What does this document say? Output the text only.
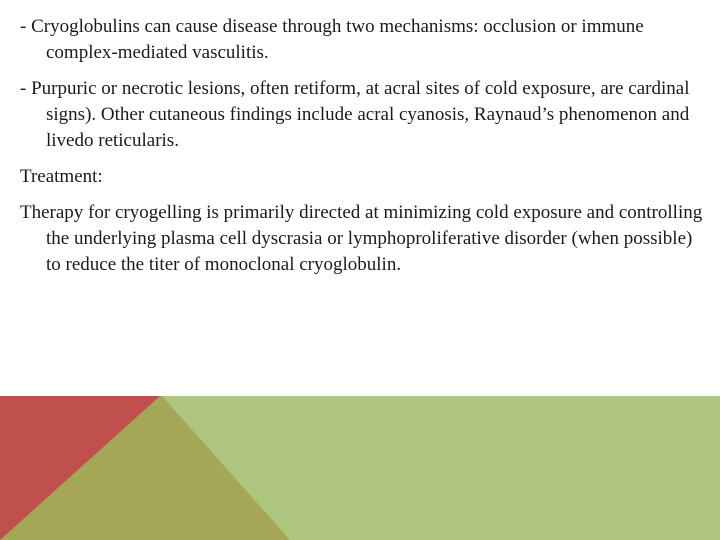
- Cryoglobulins can cause disease through two mechanisms: occlusion or immune complex-mediated vasculitis.

- Purpuric or necrotic lesions, often retiform, at acral sites of cold exposure, are cardinal signs). Other cutaneous findings include acral cyanosis, Raynaud’s phenomenon and livedo reticularis.

Treatment:

Therapy for cryogelling is primarily directed at minimizing cold exposure and controlling the underlying plasma cell dyscrasia or lymphoproliferative disorder (when possible) to reduce the titer of monoclonal cryoglobulin.
